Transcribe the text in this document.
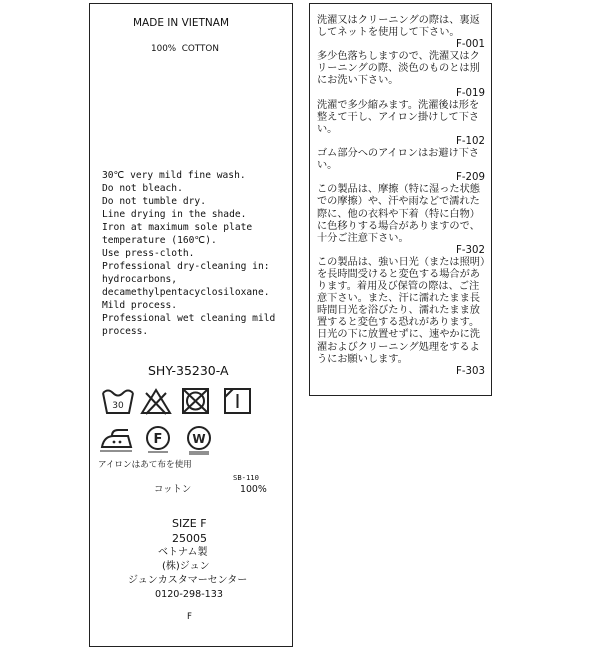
MADE IN VIETNAM
100%  COTTON
30℃ very mild fine wash.
Do not bleach.
Do not tumble dry.
Line drying in the shade.
Iron at maximum sole plate
temperature (160℃).
Use press-cloth.
Professional dry-cleaning in:
hydrocarbons,
decamethylpentacyclosiloxane.
Mild process.
Professional wet cleaning mild
process.
SHY-35230-A
30
F W
アイロンはあて布を使用
SB-110
コットン	100%
SIZE F
25005
ベトナム製
(株)ジュン
ジュンカスタマーセンター
0120-298-133
F
洗濯又はクリーニングの際は、裏返してネットを使用して下さい。
F-001
多少色落ちしますので、洗濯又はクリーニングの際、淡色のものとは別にお洗い下さい。
F-019
洗濯で多少縮みます。洗濯後は形を整えて干し、アイロン掛けして下さい。
F-102
ゴム部分へのアイロンはお避け下さい。
F-209
この製品は、摩擦（特に湿った状態での摩擦）や、汗や雨などで濡れた際に、他の衣料や下着（特に白物）に色移りする場合がありますので、十分ご注意下さい。
F-302
この製品は、強い日光（または照明）を長時間受けると変色する場合があります。着用及び保管の際は、ご注意下さい。また、汗に濡れたまま長時間日光を浴びたり、濡れたまま放置すると変色する恐れがあります。日光の下に放置せずに、速やかに洗濯およびクリーニング処理をするようにお願いします。
F-303
